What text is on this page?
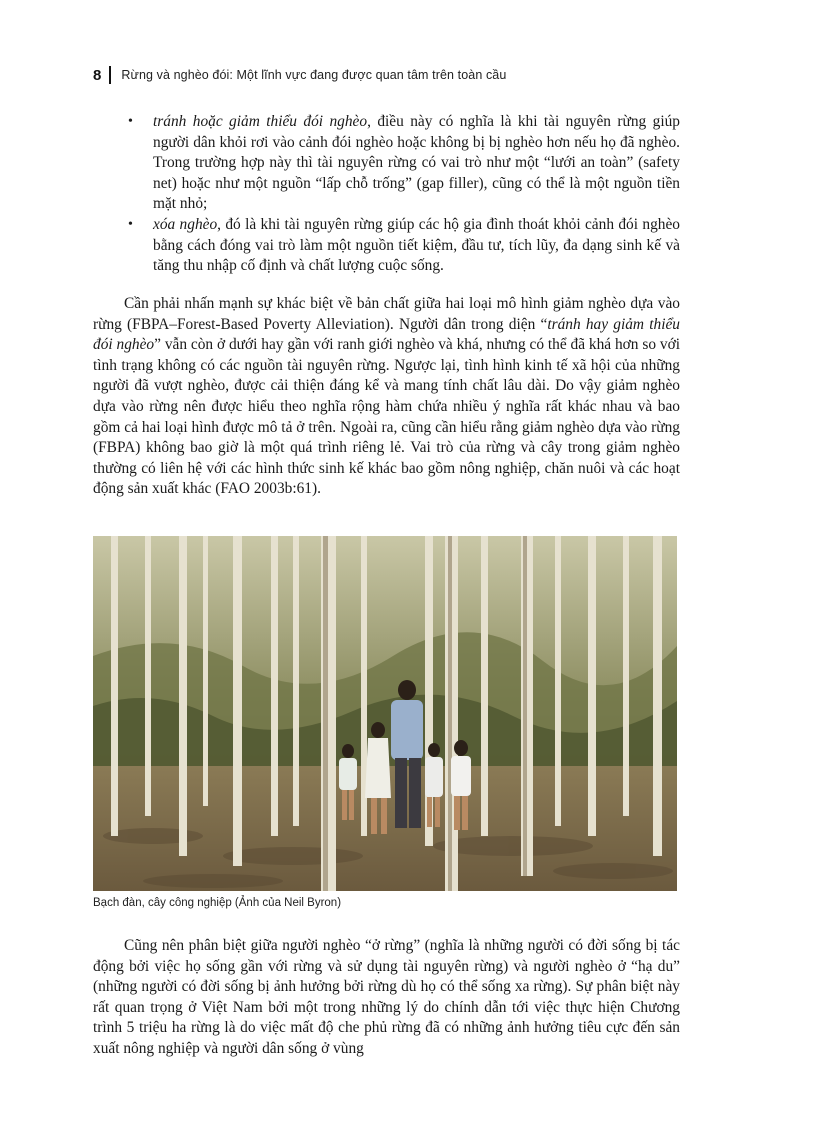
8 Rừng và nghèo đói: Một lĩnh vực đang được quan tâm trên toàn cầu
• tránh hoặc giảm thiểu đói nghèo, điều này có nghĩa là khi tài nguyên rừng giúp người dân khỏi rơi vào cảnh đói nghèo hoặc không bị bị nghèo hơn nếu họ đã nghèo. Trong trường hợp này thì tài nguyên rừng có vai trò như một “lưới an toàn” (safety net) hoặc như một nguồn “lấp chỗ trống” (gap filler), cũng có thể là một nguồn tiền mặt nhỏ;
• xóa nghèo, đó là khi tài nguyên rừng giúp các hộ gia đình thoát khỏi cảnh đói nghèo bằng cách đóng vai trò làm một nguồn tiết kiệm, đầu tư, tích lũy, đa dạng sinh kế và tăng thu nhập cố định và chất lượng cuộc sống.

Cần phải nhấn mạnh sự khác biệt về bản chất giữa hai loại mô hình giảm nghèo dựa vào rừng (FBPA–Forest-Based Poverty Alleviation). Người dân trong diện “tránh hay giảm thiểu đói nghèo” vẫn còn ở dưới hay gần với ranh giới nghèo và khá, nhưng có thể đã khá hơn so với tình trạng không có các nguồn tài nguyên rừng. Ngược lại, tình hình kinh tế xã hội của những người đã vượt nghèo, được cải thiện đáng kể và mang tính chất lâu dài. Do vậy giảm nghèo dựa vào rừng nên được hiểu theo nghĩa rộng hàm chứa nhiều ý nghĩa rất khác nhau và bao gồm cả hai loại hình được mô tả ở trên. Ngoài ra, cũng cần hiểu rằng giảm nghèo dựa vào rừng (FBPA) không bao giờ là một quá trình riêng lẻ. Vai trò của rừng và cây trong giảm nghèo thường có liên hệ với các hình thức sinh kế khác bao gồm nông nghiệp, chăn nuôi và các hoạt động sản xuất khác (FAO 2003b:61).

Bạch đàn, cây công nghiệp (Ảnh của Neil Byron)

Cũng nên phân biệt giữa người nghèo “ở rừng” (nghĩa là những người có đời sống bị tác động bởi việc họ sống gần với rừng và sử dụng tài nguyên rừng) và người nghèo ở “hạ du” (những người có đời sống bị ảnh hưởng bởi rừng dù họ có thể sống xa rừng). Sự phân biệt này rất quan trọng ở Việt Nam bởi một trong những lý do chính dẫn tới việc thực hiện Chương trình 5 triệu ha rừng là do việc mất độ che phủ rừng đã có những ảnh hưởng tiêu cực đến sản xuất nông nghiệp và người dân sống ở vùng
